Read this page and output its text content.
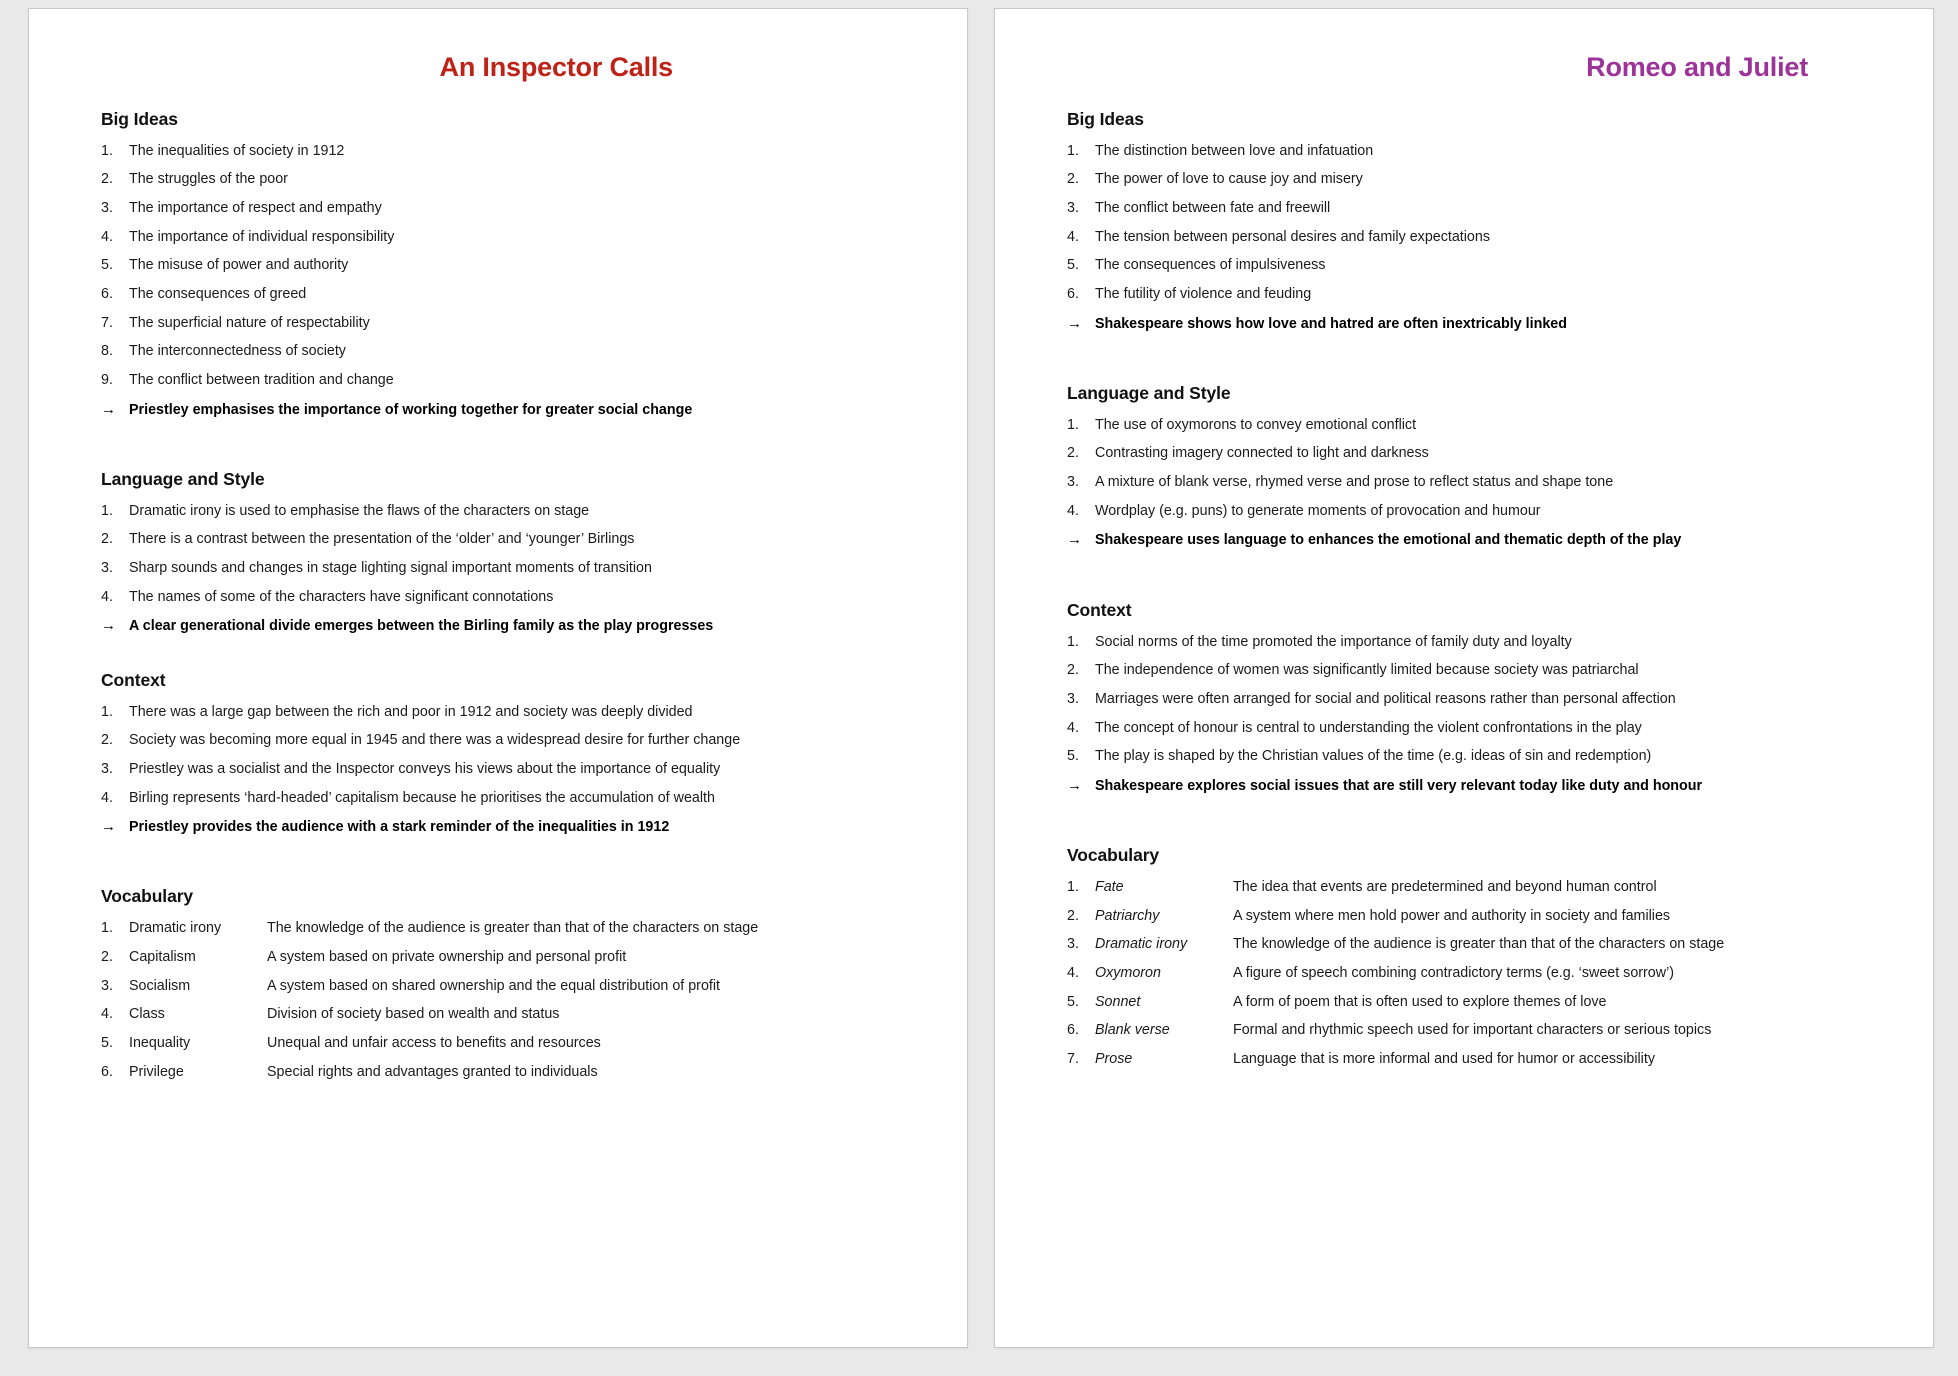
An Inspector Calls
Big Ideas
1.	The inequalities of society in 1912
2.	The struggles of the poor
3.	The importance of respect and empathy
4.	The importance of individual responsibility
5.	The misuse of power and authority
6.	The consequences of greed
7.	The superficial nature of respectability
8.	The interconnectedness of society
9.	The conflict between tradition and change
→ Priestley emphasises the importance of working together for greater social change
Language and Style
1.	Dramatic irony is used to emphasise the flaws of the characters on stage
2.	There is a contrast between the presentation of the ‘older’ and ‘younger’ Birlings
3.	Sharp sounds and changes in stage lighting signal important moments of transition
4.	The names of some of the characters have significant connotations
→ A clear generational divide emerges between the Birling family as the play progresses
Context
1.	There was a large gap between the rich and poor in 1912 and society was deeply divided
2.	Society was becoming more equal in 1945 and there was a widespread desire for further change
3.	Priestley was a socialist and the Inspector conveys his views about the importance of equality
4.	Birling represents ‘hard-headed’ capitalism because he prioritises the accumulation of wealth
→ Priestley provides the audience with a stark reminder of the inequalities in 1912
Vocabulary
1.	Dramatic irony	The knowledge of the audience is greater than that of the characters on stage
2.	Capitalism	A system based on private ownership and personal profit
3.	Socialism	A system based on shared ownership and the equal distribution of profit
4.	Class	Division of society based on wealth and status
5.	Inequality	Unequal and unfair access to benefits and resources
6.	Privilege	Special rights and advantages granted to individuals
Romeo and Juliet
Big Ideas
1.	The distinction between love and infatuation
2.	The power of love to cause joy and misery
3.	The conflict between fate and freewill
4.	The tension between personal desires and family expectations
5.	The consequences of impulsiveness
6.	The futility of violence and feuding
→ Shakespeare shows how love and hatred are often inextricably linked
Language and Style
1.	The use of oxymorons to convey emotional conflict
2.	Contrasting imagery connected to light and darkness
3.	A mixture of blank verse, rhymed verse and prose to reflect status and shape tone
4.	Wordplay (e.g. puns) to generate moments of provocation and humour
→ Shakespeare uses language to enhances the emotional and thematic depth of the play
Context
1.	Social norms of the time promoted the importance of family duty and loyalty
2.	The independence of women was significantly limited because society was patriarchal
3.	Marriages were often arranged for social and political reasons rather than personal affection
4.	The concept of honour is central to understanding the violent confrontations in the play
5.	The play is shaped by the Christian values of the time (e.g. ideas of sin and redemption)
→ Shakespeare explores social issues that are still very relevant today like duty and honour
Vocabulary
1.	Fate	The idea that events are predetermined and beyond human control
2.	Patriarchy	A system where men hold power and authority in society and families
3.	Dramatic irony	The knowledge of the audience is greater than that of the characters on stage
4.	Oxymoron	A figure of speech combining contradictory terms (e.g. ‘sweet sorrow’)
5.	Sonnet	A form of poem that is often used to explore themes of love
6.	Blank verse	Formal and rhythmic speech used for important characters or serious topics
7.	Prose	Language that is more informal and used for humor or accessibility
